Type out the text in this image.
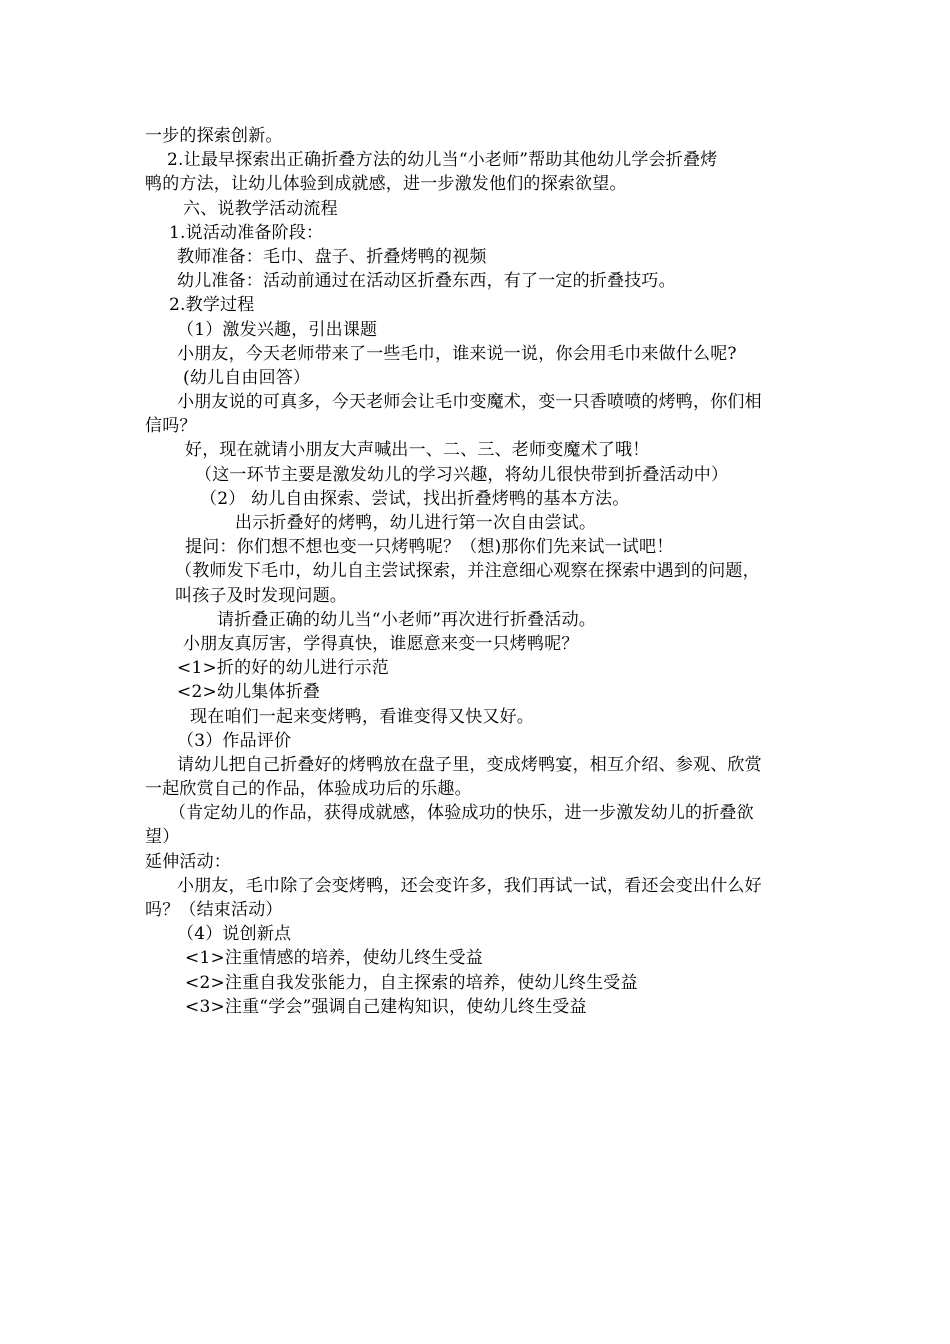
一步的探索创新。
2.让最早探索出正确折叠方法的幼儿当“小老师”帮助其他幼儿学会折叠烤
鸭的方法，让幼儿体验到成就感，进一步激发他们的探索欲望。
六、说教学活动流程
1.说活动准备阶段：
教师准备：毛巾、盘子、折叠烤鸭的视频
幼儿准备：活动前通过在活动区折叠东西，有了一定的折叠技巧。
2.教学过程
（1）激发兴趣，引出课题
小朋友，今天老师带来了一些毛巾，谁来说一说，你会用毛巾来做什么呢?
(幼儿自由回答）
小朋友说的可真多，今天老师会让毛巾变魔术，变一只香喷喷的烤鸭，你们相
信吗？
好，现在就请小朋友大声喊出一、二、三、老师变魔术了哦！
（这一环节主要是激发幼儿的学习兴趣，将幼儿很快带到折叠活动中）
（2） 幼儿自由探索、尝试，找出折叠烤鸭的基本方法。
出示折叠好的烤鸭，幼儿进行第一次自由尝试。
提问：你们想不想也变一只烤鸭呢？（想)那你们先来试一试吧！
（教师发下毛巾，幼儿自主尝试探索，并注意细心观察在探索中遇到的问题，
叫孩子及时发现问题。
请折叠正确的幼儿当“小老师”再次进行折叠活动。
小朋友真厉害，学得真快，谁愿意来变一只烤鸭呢？
<1>折的好的幼儿进行示范
<2>幼儿集体折叠
现在咱们一起来变烤鸭，看谁变得又快又好。
（3）作品评价
请幼儿把自己折叠好的烤鸭放在盘子里，变成烤鸭宴，相互介绍、参观、欣赏
一起欣赏自己的作品，体验成功后的乐趣。
（肯定幼儿的作品，获得成就感，体验成功的快乐，进一步激发幼儿的折叠欲
望）
延伸活动：
小朋友，毛巾除了会变烤鸭，还会变许多，我们再试一试，看还会变出什么好
吗？（结束活动）
（4）说创新点
<1>注重情感的培养，使幼儿终生受益
<2>注重自我发张能力，自主探索的培养，使幼儿终生受益
<3>注重“学会”强调自己建构知识，使幼儿终生受益
